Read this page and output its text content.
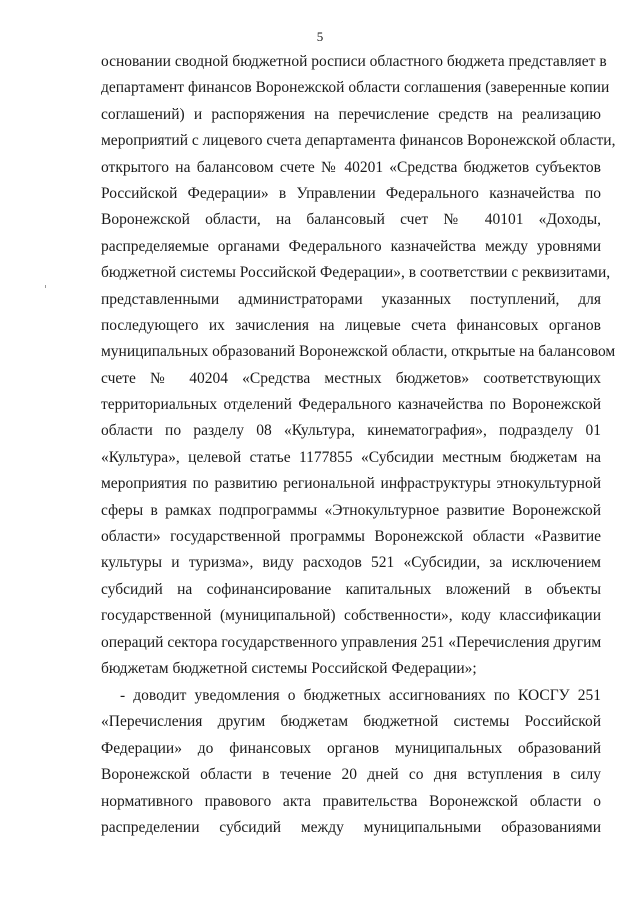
5
основании сводной бюджетной росписи областного бюджета представляет в
департамент финансов Воронежской области соглашения (заверенные копии
соглашений) и распоряжения на перечисление средств на реализацию
мероприятий с лицевого счета департамента финансов Воронежской области,
открытого на балансовом счете № 40201 «Средства бюджетов субъектов
Российской Федерации» в Управлении Федерального казначейства по
Воронежской области, на балансовый счет № 40101 «Доходы,
распределяемые органами Федерального казначейства между уровнями
бюджетной системы Российской Федерации», в соответствии с реквизитами,
представленными администраторами указанных поступлений, для
последующего их зачисления на лицевые счета финансовых органов
муниципальных образований Воронежской области, открытые на балансовом
счете № 40204 «Средства местных бюджетов» соответствующих
территориальных отделений Федерального казначейства по Воронежской
области по разделу 08 «Культура, кинематография», подразделу 01
«Культура», целевой статье 1177855 «Субсидии местным бюджетам на
мероприятия по развитию региональной инфраструктуры этнокультурной
сферы в рамках подпрограммы «Этнокультурное развитие Воронежской
области» государственной программы Воронежской области «Развитие
культуры и туризма», виду расходов 521 «Субсидии, за исключением
субсидий на софинансирование капитальных вложений в объекты
государственной (муниципальной) собственности», коду классификации
операций сектора государственного управления 251 «Перечисления другим
бюджетам бюджетной системы Российской Федерации»;
- доводит уведомления о бюджетных ассигнованиях по КОСГУ 251
«Перечисления другим бюджетам бюджетной системы Российской
Федерации» до финансовых органов муниципальных образований
Воронежской области в течение 20 дней со дня вступления в силу
нормативного правового акта правительства Воронежской области о
распределении субсидий между муниципальными образованиями
